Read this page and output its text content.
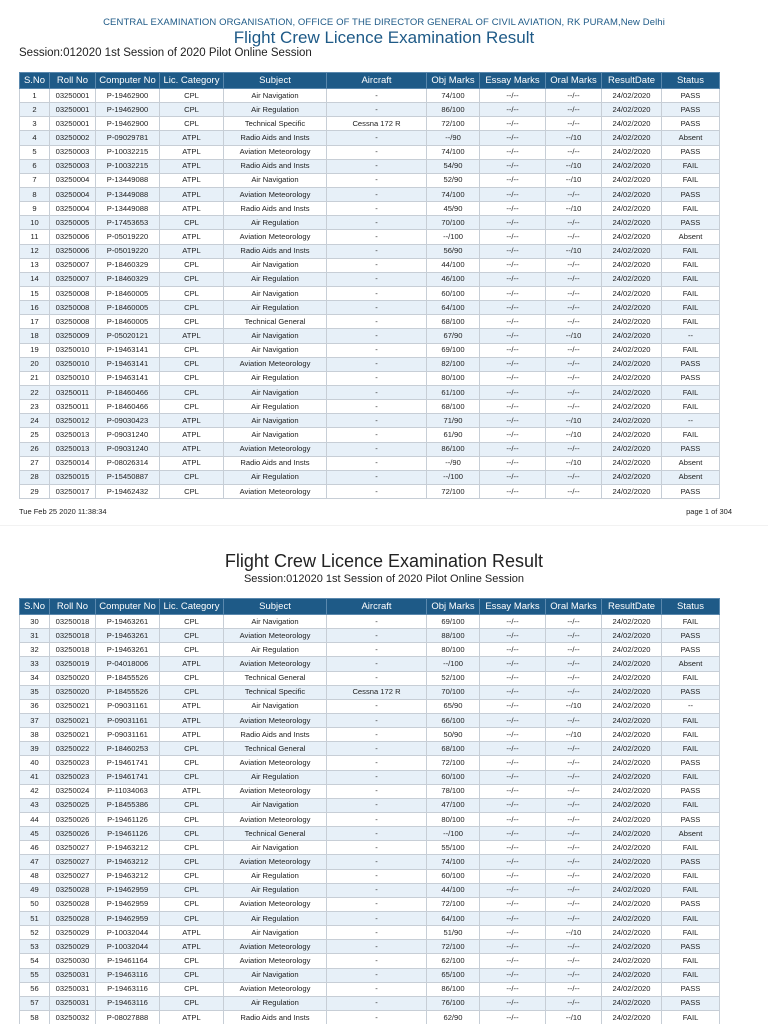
CENTRAL EXAMINATION ORGANISATION, OFFICE OF THE DIRECTOR GENERAL OF CIVIL AVIATION, RK PURAM,New Delhi
Flight Crew Licence Examination Result
Session:012020 1st Session of 2020 Pilot Online Session
S.No	Roll No	Computer No	Lic. Category	Subject	Aircraft	Obj Marks	Essay Marks	Oral Marks	ResultDate	Status
1	03250001	P-19462900	CPL	Air Navigation	-	74/100	--/--	--/--	24/02/2020	PASS
2	03250001	P-19462900	CPL	Air Regulation	-	86/100	--/--	--/--	24/02/2020	PASS
3	03250001	P-19462900	CPL	Technical Specific	Cessna 172 R	72/100	--/--	--/--	24/02/2020	PASS
4	03250002	P-09029781	ATPL	Radio Aids and Insts	-	--/90	--/--	--/10	24/02/2020	Absent
5	03250003	P-10032215	ATPL	Aviation Meteorology	-	74/100	--/--	--/--	24/02/2020	PASS
6	03250003	P-10032215	ATPL	Radio Aids and Insts	-	54/90	--/--	--/10	24/02/2020	FAIL
7	03250004	P-13449088	ATPL	Air Navigation	-	52/90	--/--	--/10	24/02/2020	FAIL
8	03250004	P-13449088	ATPL	Aviation Meteorology	-	74/100	--/--	--/--	24/02/2020	PASS
9	03250004	P-13449088	ATPL	Radio Aids and Insts	-	45/90	--/--	--/10	24/02/2020	FAIL
10	03250005	P-17453653	CPL	Air Regulation	-	70/100	--/--	--/--	24/02/2020	PASS
11	03250006	P-05019220	ATPL	Aviation Meteorology	-	--/100	--/--	--/--	24/02/2020	Absent
12	03250006	P-05019220	ATPL	Radio Aids and Insts	-	56/90	--/--	--/10	24/02/2020	FAIL
13	03250007	P-18460329	CPL	Air Navigation	-	44/100	--/--	--/--	24/02/2020	FAIL
14	03250007	P-18460329	CPL	Air Regulation	-	46/100	--/--	--/--	24/02/2020	FAIL
15	03250008	P-18460005	CPL	Air Navigation	-	60/100	--/--	--/--	24/02/2020	FAIL
16	03250008	P-18460005	CPL	Air Regulation	-	64/100	--/--	--/--	24/02/2020	FAIL
17	03250008	P-18460005	CPL	Technical General	-	68/100	--/--	--/--	24/02/2020	FAIL
18	03250009	P-05020121	ATPL	Air Navigation	-	67/90	--/--	--/10	24/02/2020	--
19	03250010	P-19463141	CPL	Air Navigation	-	69/100	--/--	--/--	24/02/2020	FAIL
20	03250010	P-19463141	CPL	Aviation Meteorology	-	82/100	--/--	--/--	24/02/2020	PASS
21	03250010	P-19463141	CPL	Air Regulation	-	80/100	--/--	--/--	24/02/2020	PASS
22	03250011	P-18460466	CPL	Air Navigation	-	61/100	--/--	--/--	24/02/2020	FAIL
23	03250011	P-18460466	CPL	Air Regulation	-	68/100	--/--	--/--	24/02/2020	FAIL
24	03250012	P-09030423	ATPL	Air Navigation	-	71/90	--/--	--/10	24/02/2020	--
25	03250013	P-09031240	ATPL	Air Navigation	-	61/90	--/--	--/10	24/02/2020	FAIL
26	03250013	P-09031240	ATPL	Aviation Meteorology	-	86/100	--/--	--/--	24/02/2020	PASS
27	03250014	P-08026314	ATPL	Radio Aids and Insts	-	--/90	--/--	--/10	24/02/2020	Absent
28	03250015	P-15450887	CPL	Air Regulation	-	--/100	--/--	--/--	24/02/2020	Absent
29	03250017	P-19462432	CPL	Aviation Meteorology	-	72/100	--/--	--/--	24/02/2020	PASS
Tue Feb 25 2020 11:38:34	page 1 of 304
Flight Crew Licence Examination Result
Session:012020 1st Session of 2020 Pilot Online Session
S.No	Roll No	Computer No	Lic. Category	Subject	Aircraft	Obj Marks	Essay Marks	Oral Marks	ResultDate	Status
30	03250018	P-19463261	CPL	Air Navigation	-	69/100	--/--	--/--	24/02/2020	FAIL
31	03250018	P-19463261	CPL	Aviation Meteorology	-	88/100	--/--	--/--	24/02/2020	PASS
32	03250018	P-19463261	CPL	Air Regulation	-	80/100	--/--	--/--	24/02/2020	PASS
33	03250019	P-04018006	ATPL	Aviation Meteorology	-	--/100	--/--	--/--	24/02/2020	Absent
34	03250020	P-18455526	CPL	Technical General	-	52/100	--/--	--/--	24/02/2020	FAIL
35	03250020	P-18455526	CPL	Technical Specific	Cessna 172 R	70/100	--/--	--/--	24/02/2020	PASS
36	03250021	P-09031161	ATPL	Air Navigation	-	65/90	--/--	--/10	24/02/2020	--
37	03250021	P-09031161	ATPL	Aviation Meteorology	-	66/100	--/--	--/--	24/02/2020	FAIL
38	03250021	P-09031161	ATPL	Radio Aids and Insts	-	50/90	--/--	--/10	24/02/2020	FAIL
39	03250022	P-18460253	CPL	Technical General	-	68/100	--/--	--/--	24/02/2020	FAIL
40	03250023	P-19461741	CPL	Aviation Meteorology	-	72/100	--/--	--/--	24/02/2020	PASS
41	03250023	P-19461741	CPL	Air Regulation	-	60/100	--/--	--/--	24/02/2020	FAIL
42	03250024	P-11034063	ATPL	Aviation Meteorology	-	78/100	--/--	--/--	24/02/2020	PASS
43	03250025	P-18455386	CPL	Air Navigation	-	47/100	--/--	--/--	24/02/2020	FAIL
44	03250026	P-19461126	CPL	Aviation Meteorology	-	80/100	--/--	--/--	24/02/2020	PASS
45	03250026	P-19461126	CPL	Technical General	-	--/100	--/--	--/--	24/02/2020	Absent
46	03250027	P-19463212	CPL	Air Navigation	-	55/100	--/--	--/--	24/02/2020	FAIL
47	03250027	P-19463212	CPL	Aviation Meteorology	-	74/100	--/--	--/--	24/02/2020	PASS
48	03250027	P-19463212	CPL	Air Regulation	-	60/100	--/--	--/--	24/02/2020	FAIL
49	03250028	P-19462959	CPL	Air Regulation	-	44/100	--/--	--/--	24/02/2020	FAIL
50	03250028	P-19462959	CPL	Aviation Meteorology	-	72/100	--/--	--/--	24/02/2020	PASS
51	03250028	P-19462959	CPL	Air Regulation	-	64/100	--/--	--/--	24/02/2020	FAIL
52	03250029	P-10032044	ATPL	Air Navigation	-	51/90	--/--	--/10	24/02/2020	FAIL
53	03250029	P-10032044	ATPL	Aviation Meteorology	-	72/100	--/--	--/--	24/02/2020	PASS
54	03250030	P-19461164	CPL	Aviation Meteorology	-	62/100	--/--	--/--	24/02/2020	FAIL
55	03250031	P-19463116	CPL	Air Navigation	-	65/100	--/--	--/--	24/02/2020	FAIL
56	03250031	P-19463116	CPL	Aviation Meteorology	-	86/100	--/--	--/--	24/02/2020	PASS
57	03250031	P-19463116	CPL	Air Regulation	-	76/100	--/--	--/--	24/02/2020	PASS
58	03250032	P-08027888	ATPL	Radio Aids and Insts	-	62/90	--/--	--/10	24/02/2020	FAIL
